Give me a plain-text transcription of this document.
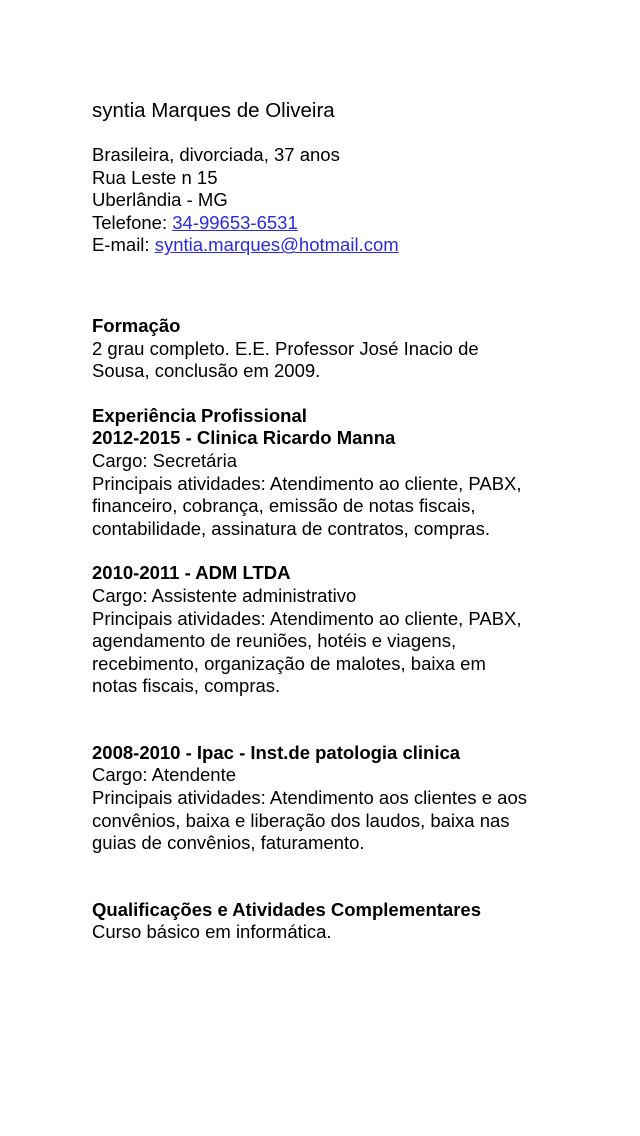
syntia Marques de Oliveira
Brasileira, divorciada, 37 anos
Rua Leste n 15
Uberlândia - MG
Telefone: 34-99653-6531
E-mail: syntia.marques@hotmail.com
Formação
2 grau completo. E.E. Professor José Inacio de
Sousa, conclusão em 2009.
Experiência Profissional
2012-2015 - Clinica Ricardo Manna
Cargo: Secretária
Principais atividades: Atendimento ao cliente, PABX,
financeiro, cobrança, emissão de notas fiscais,
contabilidade, assinatura de contratos, compras.
2010-2011 - ADM LTDA
Cargo: Assistente administrativo
Principais atividades: Atendimento ao cliente, PABX,
agendamento de reuniões, hotéis e viagens,
recebimento, organização de malotes, baixa em
notas fiscais, compras.
2008-2010 - Ipac - Inst.de patologia clinica
Cargo: Atendente
Principais atividades: Atendimento aos clientes e aos
convênios, baixa e liberação dos laudos, baixa nas
guias de convênios, faturamento.
Qualificações e Atividades Complementares
Curso básico em informática.
